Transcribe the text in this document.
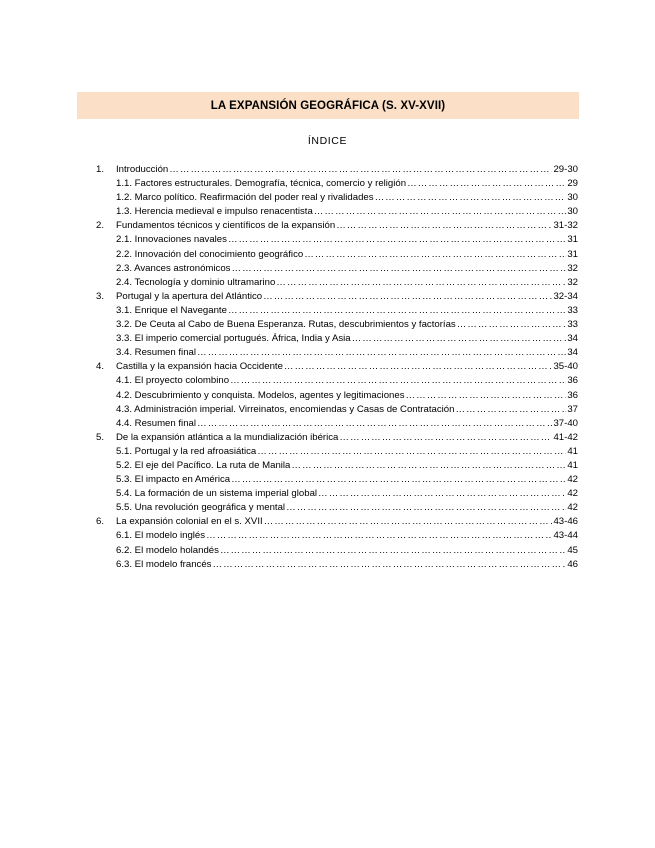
LA EXPANSIÓN GEOGRÁFICA (S. XV-XVII)
ÍNDICE
1.	Introducción ………………………………………………………………………………………………………………………………………………………………………………………………	29-30
1.1. Factores estructurales. Demografía, técnica, comercio y religión ………………………………………………………………………………………………………………………………………………………………………………………………	29
1.2. Marco político. Reafirmación del poder real y rivalidades ………………………………………………………………………………………………………………………………………………………………………………………………	30
1.3. Herencia medieval e impulso renacentista ………………………………………………………………………………………………………………………………………………………………………………………………	30
2.	Fundamentos técnicos y científicos de la expansión ………………………………………………………………………………………………………………………………………………………………………………………………	31-32
2.1. Innovaciones navales ………………………………………………………………………………………………………………………………………………………………………………………………	31
2.2. Innovación del conocimiento geográfico ………………………………………………………………………………………………………………………………………………………………………………………………	31
2.3. Avances astronómicos ………………………………………………………………………………………………………………………………………………………………………………………………	32
2.4. Tecnología y dominio ultramarino ………………………………………………………………………………………………………………………………………………………………………………………………	32
3.	Portugal y la apertura del Atlántico ………………………………………………………………………………………………………………………………………………………………………………………………	32-34
3.1. Enrique el Navegante ………………………………………………………………………………………………………………………………………………………………………………………………	33
3.2. De Ceuta al Cabo de Buena Esperanza. Rutas, descubrimientos y factorías ………………………………………………………………………………………………………………………………………………………………………………………………	33
3.3. El imperio comercial portugués. África, India y Asia ………………………………………………………………………………………………………………………………………………………………………………………………	34
3.4. Resumen final ………………………………………………………………………………………………………………………………………………………………………………………………	34
4.	Castilla y la expansión hacia Occidente ………………………………………………………………………………………………………………………………………………………………………………………………	35-40
4.1. El proyecto colombino ………………………………………………………………………………………………………………………………………………………………………………………………	36
4.2. Descubrimiento y conquista. Modelos, agentes y legitimaciones ………………………………………………………………………………………………………………………………………………………………………………………………	36
4.3. Administración imperial. Virreinatos, encomiendas y Casas de Contratación ………………………………………………………………………………………………………………………………………………………………………………………………	37
4.4. Resumen final ………………………………………………………………………………………………………………………………………………………………………………………………	37-40
5.	De la expansión atlántica a la mundialización ibérica ………………………………………………………………………………………………………………………………………………………………………………………………	41-42
5.1. Portugal y la red afroasiática ………………………………………………………………………………………………………………………………………………………………………………………………	41
5.2. El eje del Pacífico. La ruta de Manila ………………………………………………………………………………………………………………………………………………………………………………………………	41
5.3. El impacto en América ………………………………………………………………………………………………………………………………………………………………………………………………	42
5.4. La formación de un sistema imperial global ………………………………………………………………………………………………………………………………………………………………………………………………	42
5.5. Una revolución geográfica y mental ………………………………………………………………………………………………………………………………………………………………………………………………	42
6.	La expansión colonial en el s. XVII ………………………………………………………………………………………………………………………………………………………………………………………………	43-46
6.1. El modelo inglés ………………………………………………………………………………………………………………………………………………………………………………………………	43-44
6.2. El modelo holandés ………………………………………………………………………………………………………………………………………………………………………………………………	45
6.3. El modelo francés ………………………………………………………………………………………………………………………………………………………………………………………………	46
